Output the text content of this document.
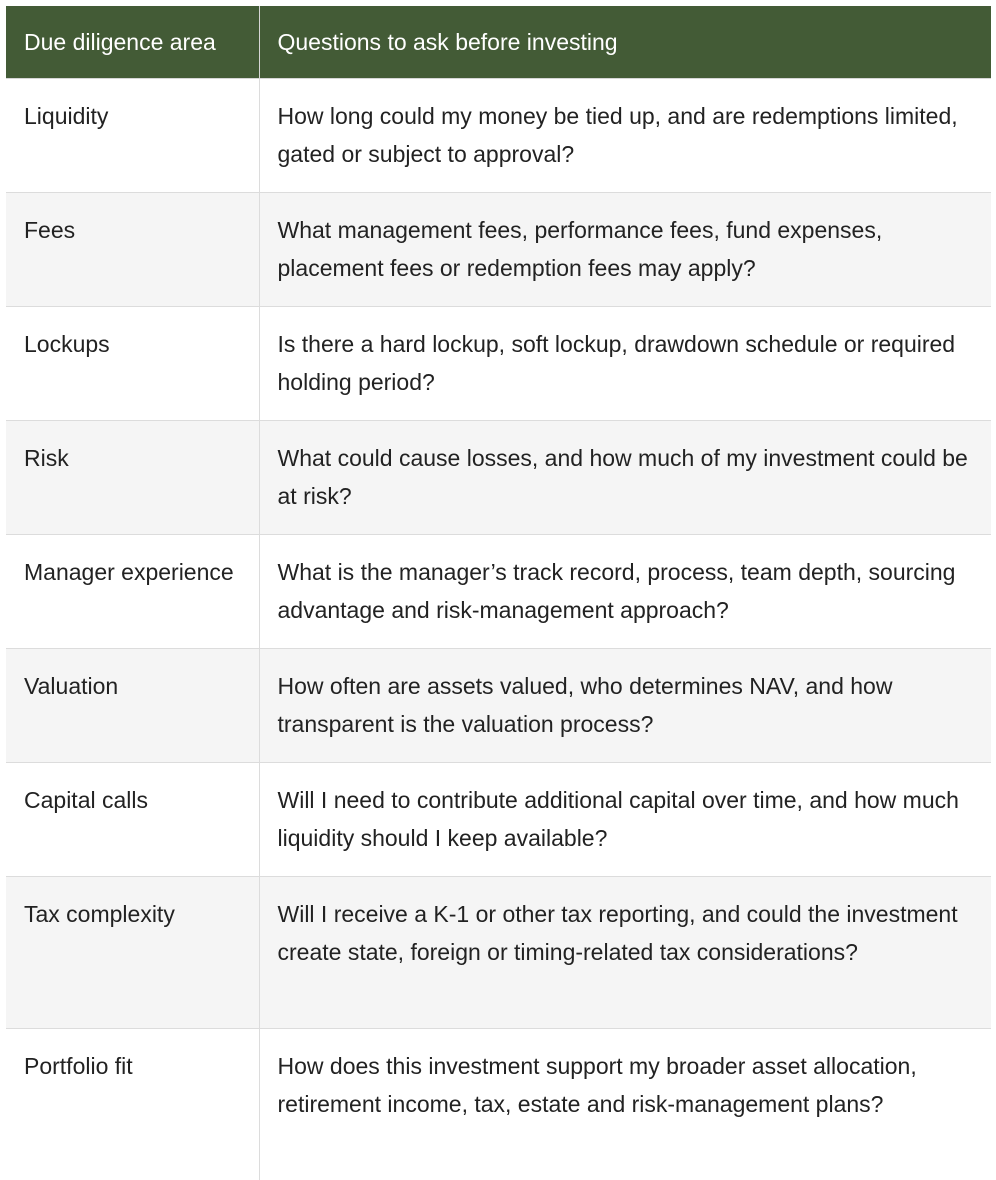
Due diligence area	Questions to ask before investing
Liquidity	How long could my money be tied up, and are redemptions limited, gated or subject to approval?
Fees	What management fees, performance fees, fund expenses, placement fees or redemption fees may apply?
Lockups	Is there a hard lockup, soft lockup, drawdown schedule or required holding period?
Risk	What could cause losses, and how much of my investment could be at risk?
Manager experience	What is the manager’s track record, process, team depth, sourcing advantage and risk-management approach?
Valuation	How often are assets valued, who determines NAV, and how transparent is the valuation process?
Capital calls	Will I need to contribute additional capital over time, and how much liquidity should I keep available?
Tax complexity	Will I receive a K-1 or other tax reporting, and could the investment create state, foreign or timing-related tax considerations?
Portfolio fit	How does this investment support my broader asset allocation, retirement income, tax, estate and risk-management plans?
